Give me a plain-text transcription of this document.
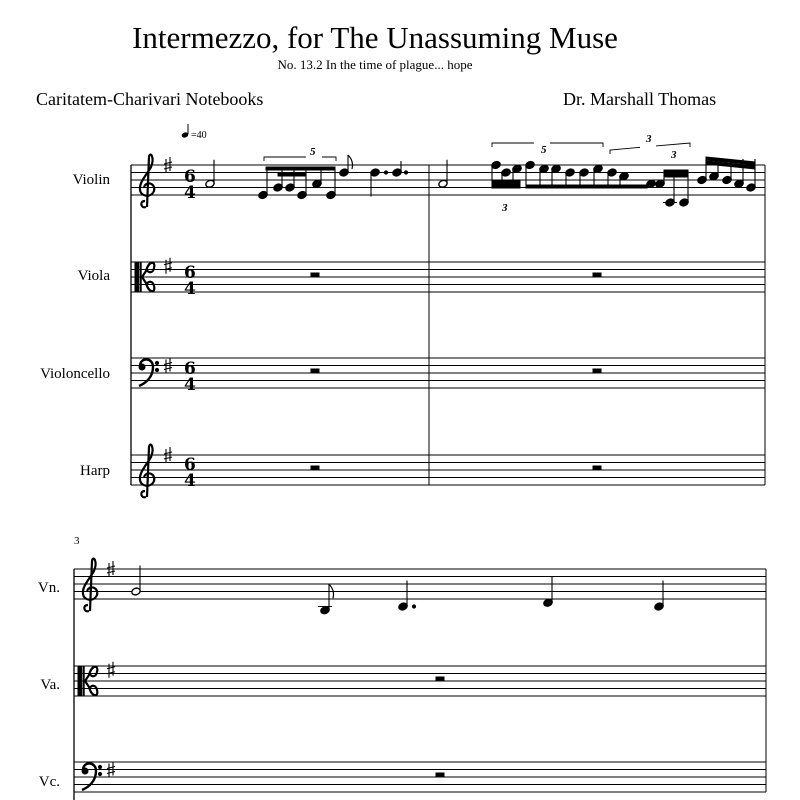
Intermezzo, for The Unassuming Muse
No. 13.2 In the time of plague... hope
Caritatem-Charivari Notebooks	Dr. Marshall Thomas
Violin
Viola
Violoncello
Harp
3
Vn.
Va.
Vc.
=40
5
3
5
3
3
6
4
6
4
6
4
6
4
